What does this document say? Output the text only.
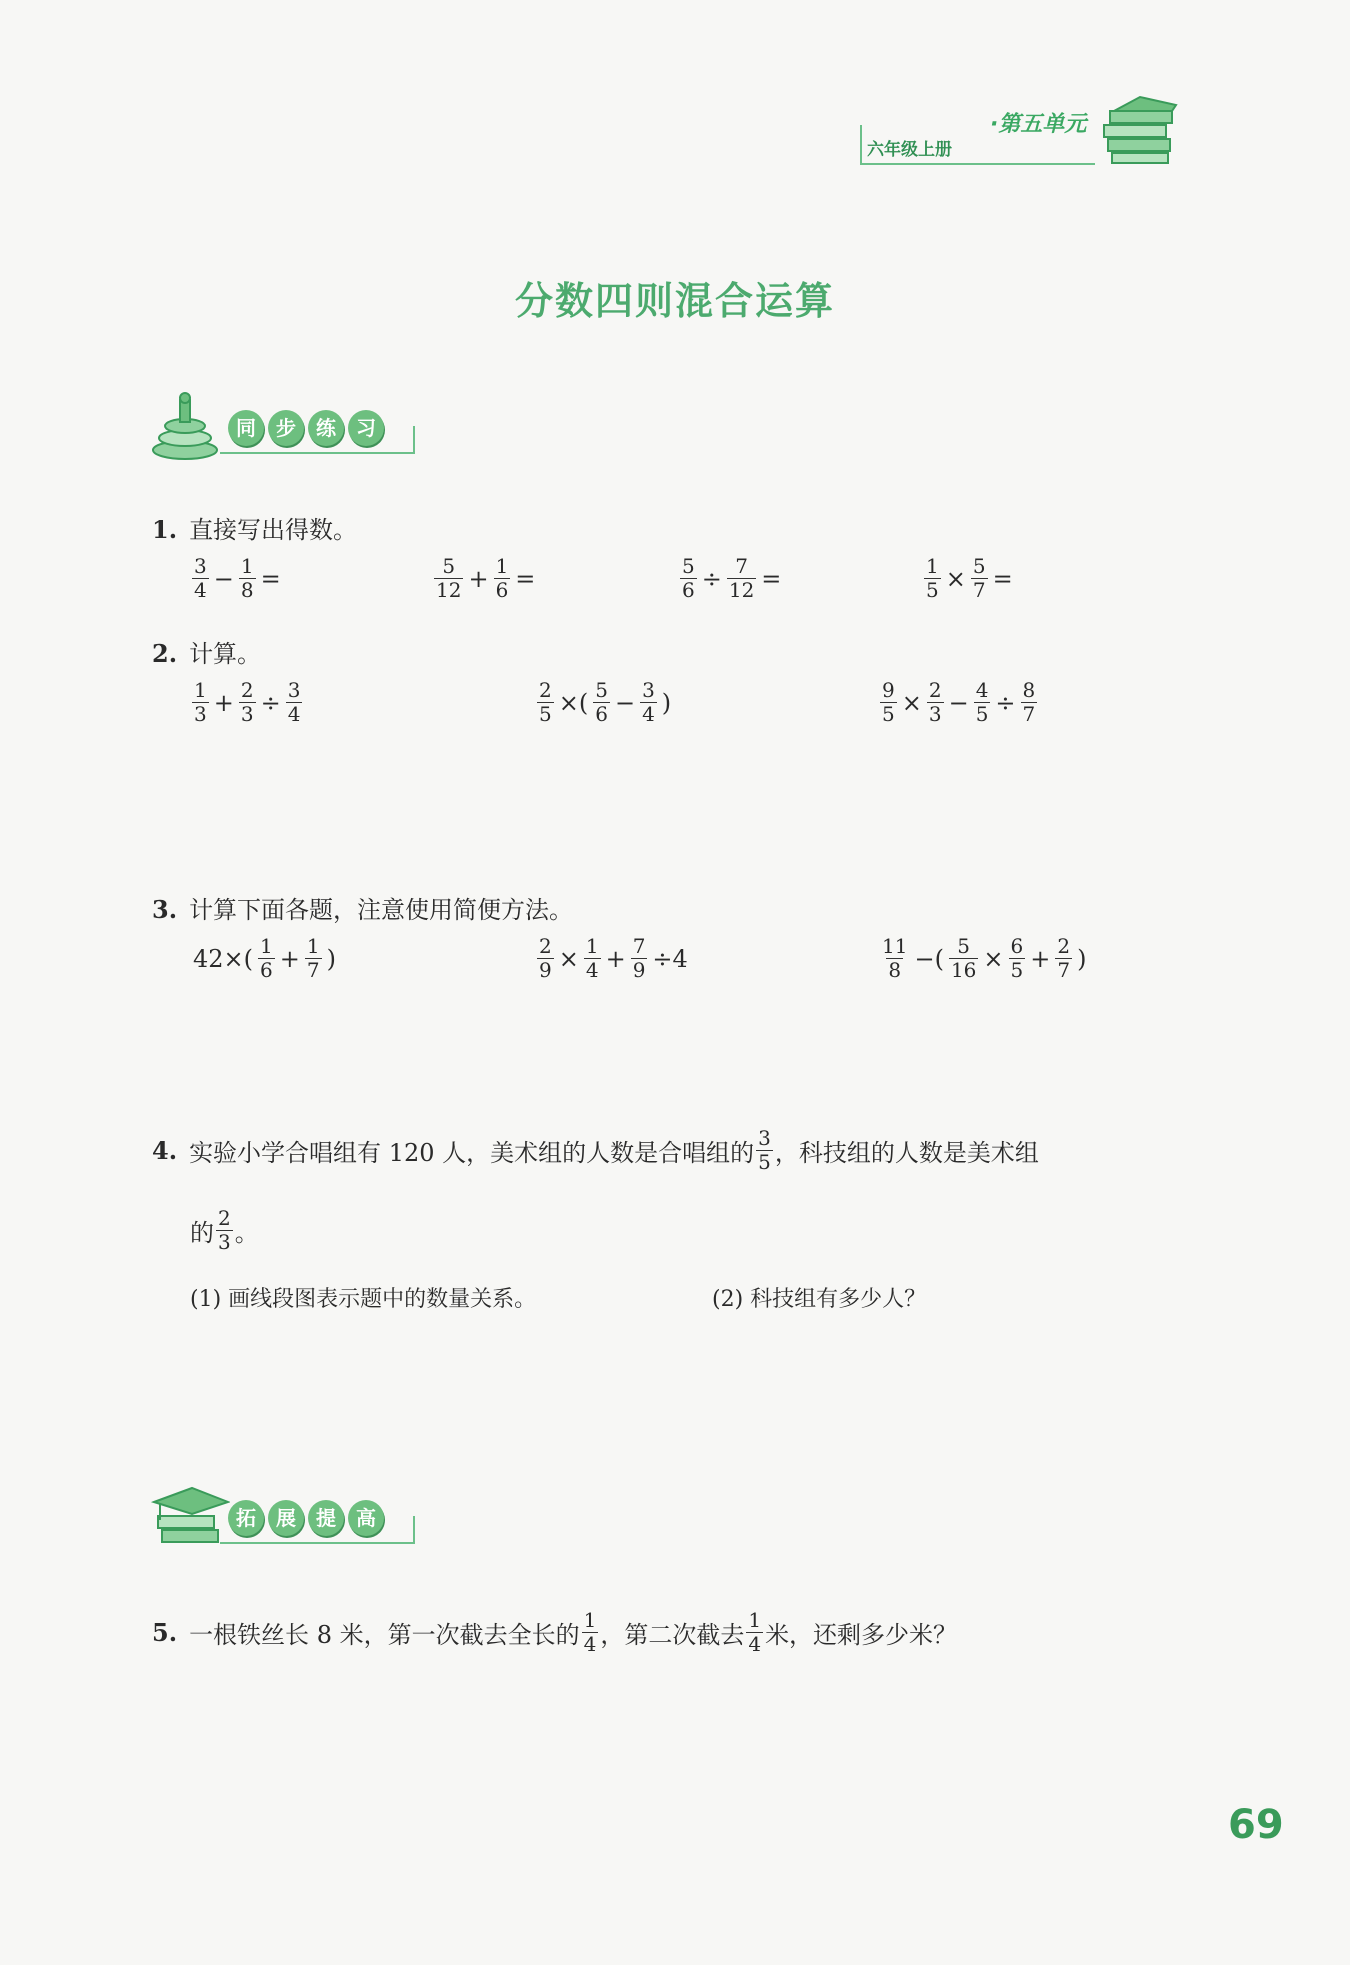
六年级上册
·第五单元
分数四则混合运算
同 步 练 习
1. 直接写出得数。
$\frac{3}{4} - \frac{1}{8}$ =	$\frac{5}{12} + \frac{1}{6}$ =	$\frac{5}{6} \div \frac{7}{12}$ =	$\frac{1}{5} \times \frac{5}{7}$ =
2. 计算。
$\frac{1}{3} + \frac{2}{3} \div \frac{3}{4}$	$\frac{2}{5}$ ×( $\frac{5}{6} - \frac{3}{4}$ )	$\frac{9}{5} \times \frac{2}{3} - \frac{4}{5} \div \frac{8}{7}$
3. 计算下面各题，注意使用简便方法。
$42\times( \frac{1}{6} + \frac{1}{7}$ )	$\frac{2}{9} \times \frac{1}{4} + \frac{7}{9} \div 4$	$\frac{11}{8}$ −( $\frac{5}{16} \times \frac{6}{5} + \frac{2}{7}$ )
4. 实验小学合唱组有 120 人，美术组的人数是合唱组的 $\frac{3}{5}$ ，科技组的人数是美术组
的 $\frac{2}{3}$ 。
(1) 画线段图表示题中的数量关系。	(2) 科技组有多少人？
拓 展 提 高
5. 一根铁丝长 8 米，第一次截去全长的 $\frac{1}{4}$ ，第二次截去 $\frac{1}{4}$ 米，还剩多少米？
69
